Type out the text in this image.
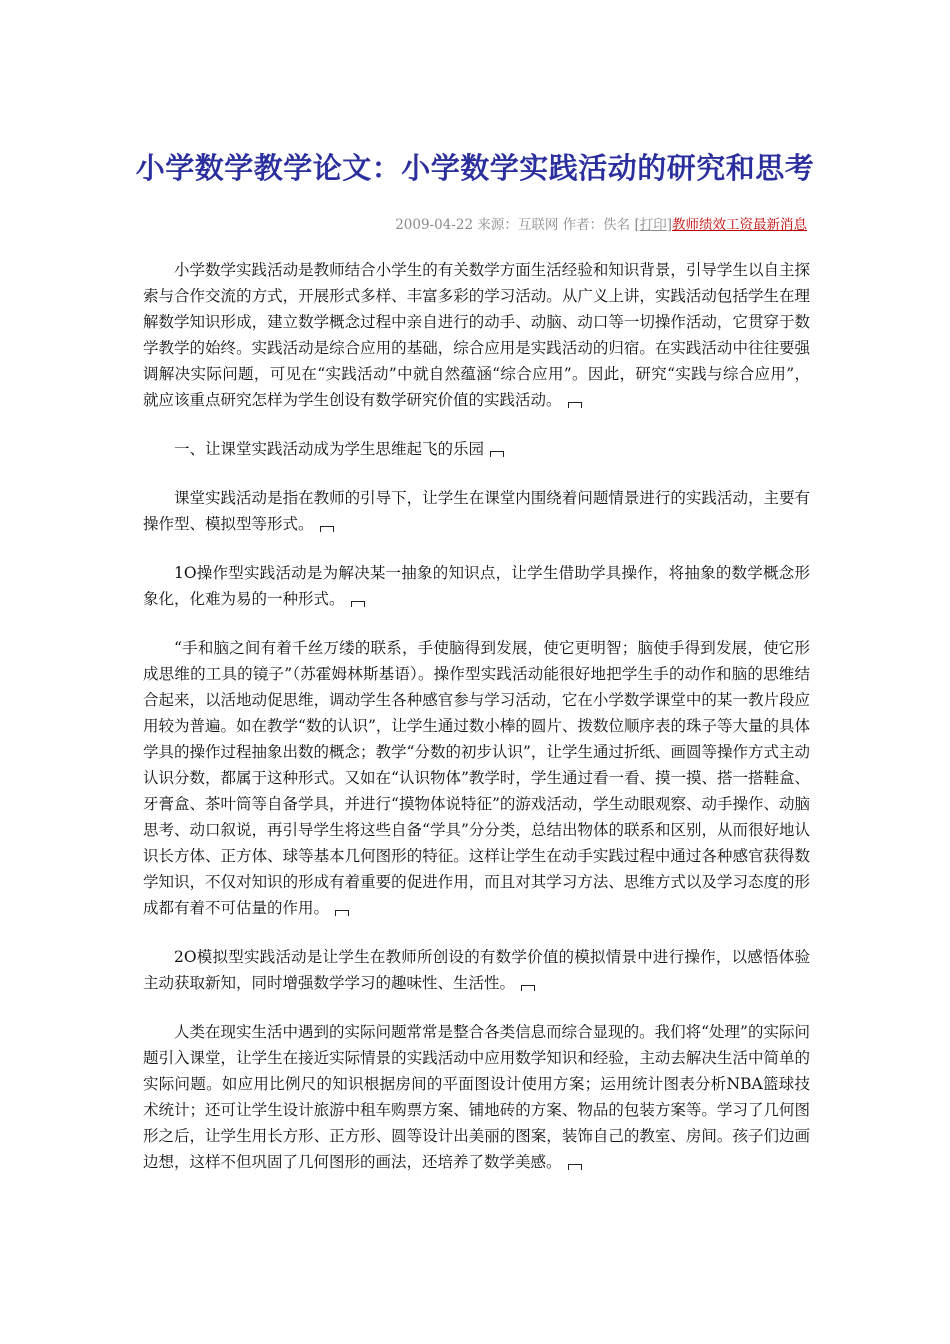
小学数学教学论文：小学数学实践活动的研究和思考
2009-04-22 来源：互联网 作者：佚名 [打印]教师绩效工资最新消息

小学数学实践活动是教师结合小学生的有关数学方面生活经验和知识背景，引导学生以自主探索与合作交流的方式，开展形式多样、丰富多彩的学习活动。从广义上讲，实践活动包括学生在理解数学知识形成，建立数学概念过程中亲自进行的动手、动脑、动口等一切操作活动，它贯穿于数学教学的始终。实践活动是综合应用的基础，综合应用是实践活动的归宿。在实践活动中往往要强调解决实际问题，可见在“实践活动”中就自然蕴涵“综合应用”。因此，研究“实践与综合应用”，就应该重点研究怎样为学生创设有数学研究价值的实践活动。

一、让课堂实践活动成为学生思维起飞的乐园

课堂实践活动是指在教师的引导下，让学生在课堂内围绕着问题情景进行的实践活动，主要有操作型、模拟型等形式。

1O操作型实践活动是为解决某一抽象的知识点，让学生借助学具操作，将抽象的数学概念形象化，化难为易的一种形式。

“手和脑之间有着千丝万缕的联系，手使脑得到发展，使它更明智；脑使手得到发展，使它形成思维的工具的镜子”（苏霍姆林斯基语）。操作型实践活动能很好地把学生手的动作和脑的思维结合起来，以活地动促思维，调动学生各种感官参与学习活动，它在小学数学课堂中的某一教片段应用较为普遍。如在教学“数的认识”，让学生通过数小棒的圆片、拨数位顺序表的珠子等大量的具体学具的操作过程抽象出数的概念；教学“分数的初步认识”，让学生通过折纸、画圆等操作方式主动认识分数，都属于这种形式。又如在“认识物体”教学时，学生通过看一看、摸一摸、搭一搭鞋盒、牙膏盒、茶叶筒等自备学具，并进行“摸物体说特征”的游戏活动，学生动眼观察、动手操作、动脑思考、动口叙说，再引导学生将这些自备“学具”分分类，总结出物体的联系和区别，从而很好地认识长方体、正方体、球等基本几何图形的特征。这样让学生在动手实践过程中通过各种感官获得数学知识，不仅对知识的形成有着重要的促进作用，而且对其学习方法、思维方式以及学习态度的形成都有着不可估量的作用。

2O模拟型实践活动是让学生在教师所创设的有数学价值的模拟情景中进行操作，以感悟体验主动获取新知，同时增强数学学习的趣味性、生活性。

人类在现实生活中遇到的实际问题常常是整合各类信息而综合显现的。我们将“处理”的实际问题引入课堂，让学生在接近实际情景的实践活动中应用数学知识和经验，主动去解决生活中简单的实际问题。如应用比例尺的知识根据房间的平面图设计使用方案；运用统计图表分析NBA篮球技术统计；还可让学生设计旅游中租车购票方案、铺地砖的方案、物品的包装方案等。学习了几何图形之后，让学生用长方形、正方形、圆等设计出美丽的图案，装饰自己的教室、房间。孩子们边画边想，这样不但巩固了几何图形的画法，还培养了数学美感。
